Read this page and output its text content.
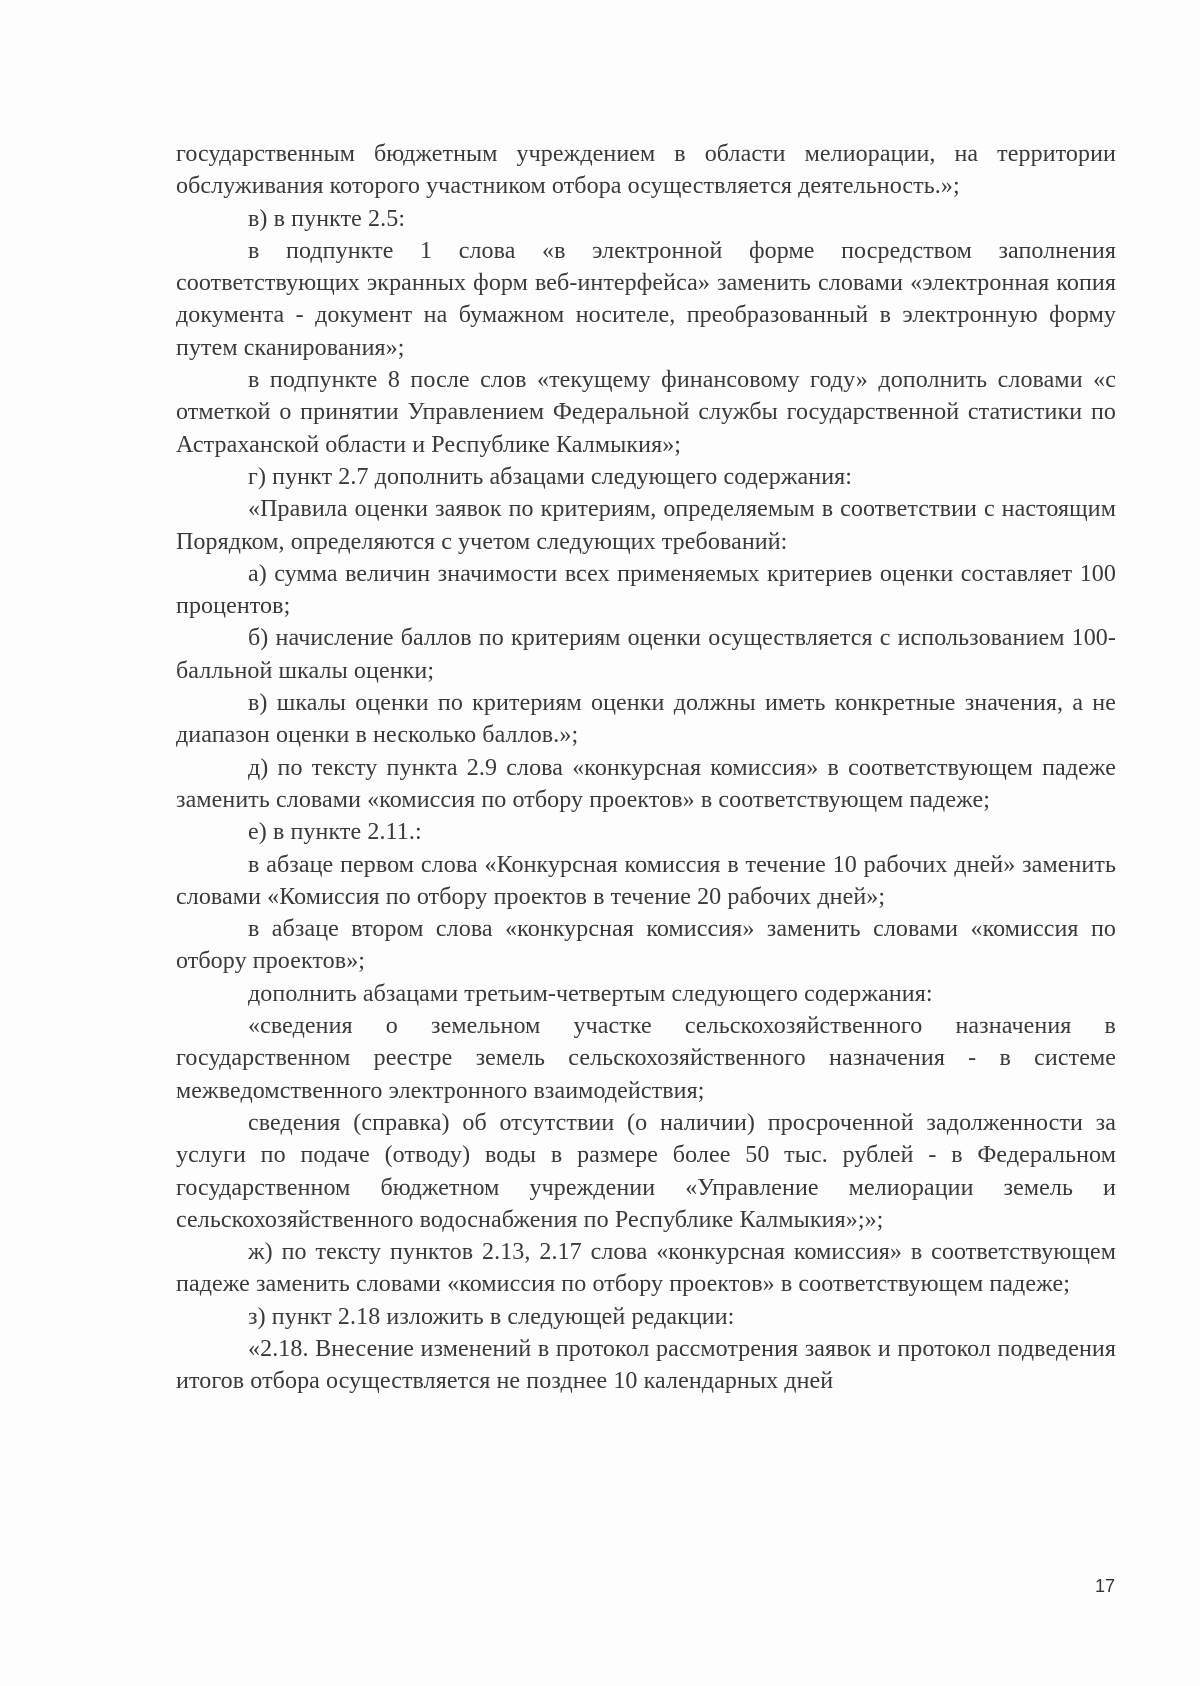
государственным бюджетным учреждением в области мелиорации, на территории обслуживания которого участником отбора осуществляется деятельность.»;

в) в пункте 2.5:

в подпункте 1 слова «в электронной форме посредством заполнения соответствующих экранных форм веб-интерфейса» заменить словами «электронная копия документа - документ на бумажном носителе, преобразованный в электронную форму путем сканирования»;

в подпункте 8 после слов «текущему финансовому году» дополнить словами «с отметкой о принятии Управлением Федеральной службы государственной статистики по Астраханской области и Республике Калмыкия»;

г) пункт 2.7 дополнить абзацами следующего содержания:

«Правила оценки заявок по критериям, определяемым в соответствии с настоящим Порядком, определяются с учетом следующих требований:

а) сумма величин значимости всех применяемых критериев оценки составляет 100 процентов;

б) начисление баллов по критериям оценки осуществляется с использованием 100-балльной шкалы оценки;

в) шкалы оценки по критериям оценки должны иметь конкретные значения, а не диапазон оценки в несколько баллов.»;

д) по тексту пункта 2.9 слова «конкурсная комиссия» в соответствующем падеже заменить словами «комиссия по отбору проектов» в соответствующем падеже;

е) в пункте 2.11.:

в абзаце первом слова «Конкурсная комиссия в течение 10 рабочих дней» заменить словами «Комиссия по отбору проектов в течение 20 рабочих дней»;

в абзаце втором слова «конкурсная комиссия» заменить словами «комиссия по отбору проектов»;

дополнить абзацами третьим-четвертым следующего содержания:

«сведения о земельном участке сельскохозяйственного назначения в государственном реестре земель сельскохозяйственного назначения - в системе межведомственного электронного взаимодействия;

сведения (справка) об отсутствии (о наличии) просроченной задолженности за услуги по подаче (отводу) воды в размере более 50 тыс. рублей - в Федеральном государственном бюджетном учреждении «Управление мелиорации земель и сельскохозяйственного водоснабжения по Республике Калмыкия»;»;

ж) по тексту пунктов 2.13, 2.17 слова «конкурсная комиссия» в соответствующем падеже заменить словами «комиссия по отбору проектов» в соответствующем падеже;

з) пункт 2.18 изложить в следующей редакции:

«2.18. Внесение изменений в протокол рассмотрения заявок и протокол подведения итогов отбора осуществляется не позднее 10 календарных дней

17
